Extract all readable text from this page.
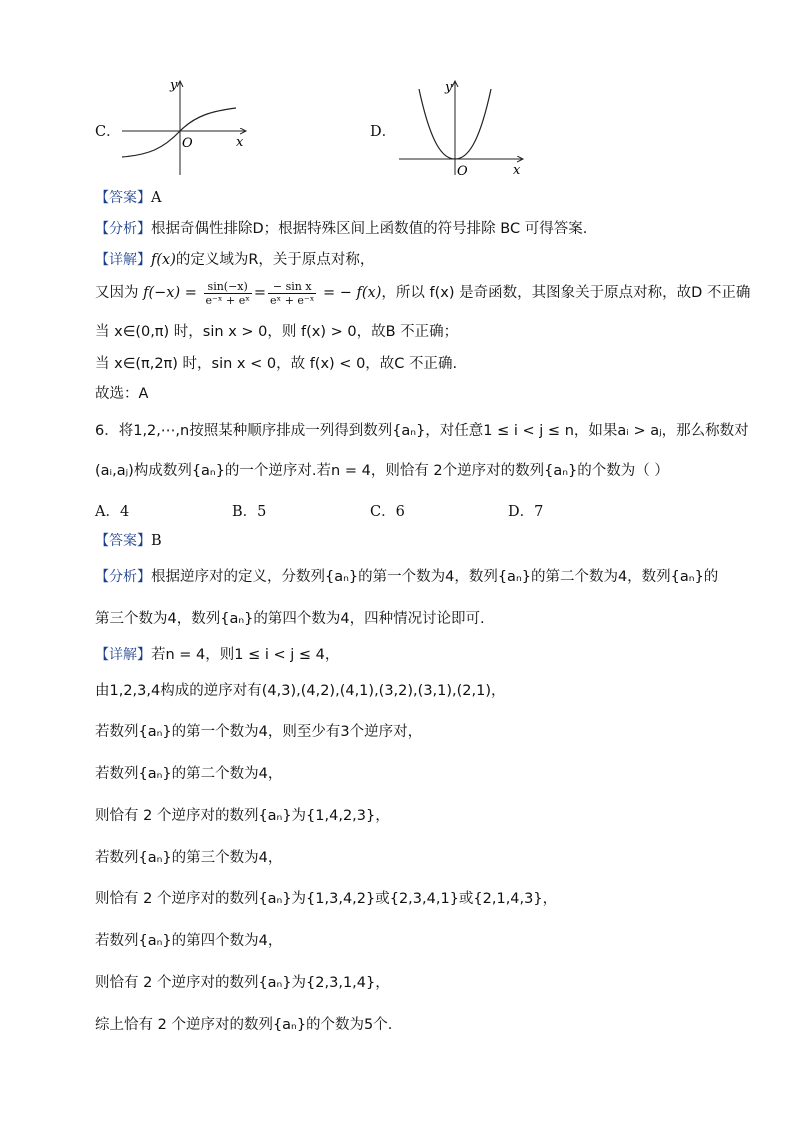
C．
y
x
O
D．
y
x
O
【答案】A
【分析】根据奇偶性排除D；根据特殊区间上函数值的符号排除 BC 可得答案.
【详解】f(x)的定义域为R，关于原点对称，
又因为 $f(-x) = \frac{\sin(-x)}{\text{e⁻ˣ + eˣ}} = \frac{\text{− sin x}}{\text{eˣ + e⁻ˣ}}$ = − f(x)，所以 f(x) 是奇函数，其图象关于原点对称，故D 不正确
当 x∈(0,π) 时，sin x > 0，则 f(x) > 0，故B 不正确；
当 x∈(π,2π) 时，sin x < 0，故 f(x) < 0，故C 不正确.
故选：A
6．将1,2,⋯,n按照某种顺序排成一列得到数列{aₙ}，对任意1 ≤ i < j ≤ n，如果aᵢ > aⱼ，那么称数对
(aᵢ,aⱼ)构成数列{aₙ}的一个逆序对.若n = 4，则恰有 2个逆序对的数列{aₙ}的个数为（ ）
A．4	B．5	C．6	D．7
【答案】B
【分析】根据逆序对的定义，分数列{aₙ}的第一个数为4，数列{aₙ}的第二个数为4，数列{aₙ}的
第三个数为4，数列{aₙ}的第四个数为4，四种情况讨论即可.
【详解】若n = 4，则1 ≤ i < j ≤ 4，
由1,2,3,4构成的逆序对有(4,3),(4,2),(4,1),(3,2),(3,1),(2,1)，
若数列{aₙ}的第一个数为4，则至少有3个逆序对，
若数列{aₙ}的第二个数为4，
则恰有 2 个逆序对的数列{aₙ}为{1,4,2,3}，
若数列{aₙ}的第三个数为4，
则恰有 2 个逆序对的数列{aₙ}为{1,3,4,2}或{2,3,4,1}或{2,1,4,3}，
若数列{aₙ}的第四个数为4，
则恰有 2 个逆序对的数列{aₙ}为{2,3,1,4}，
综上恰有 2 个逆序对的数列{aₙ}的个数为5个.
